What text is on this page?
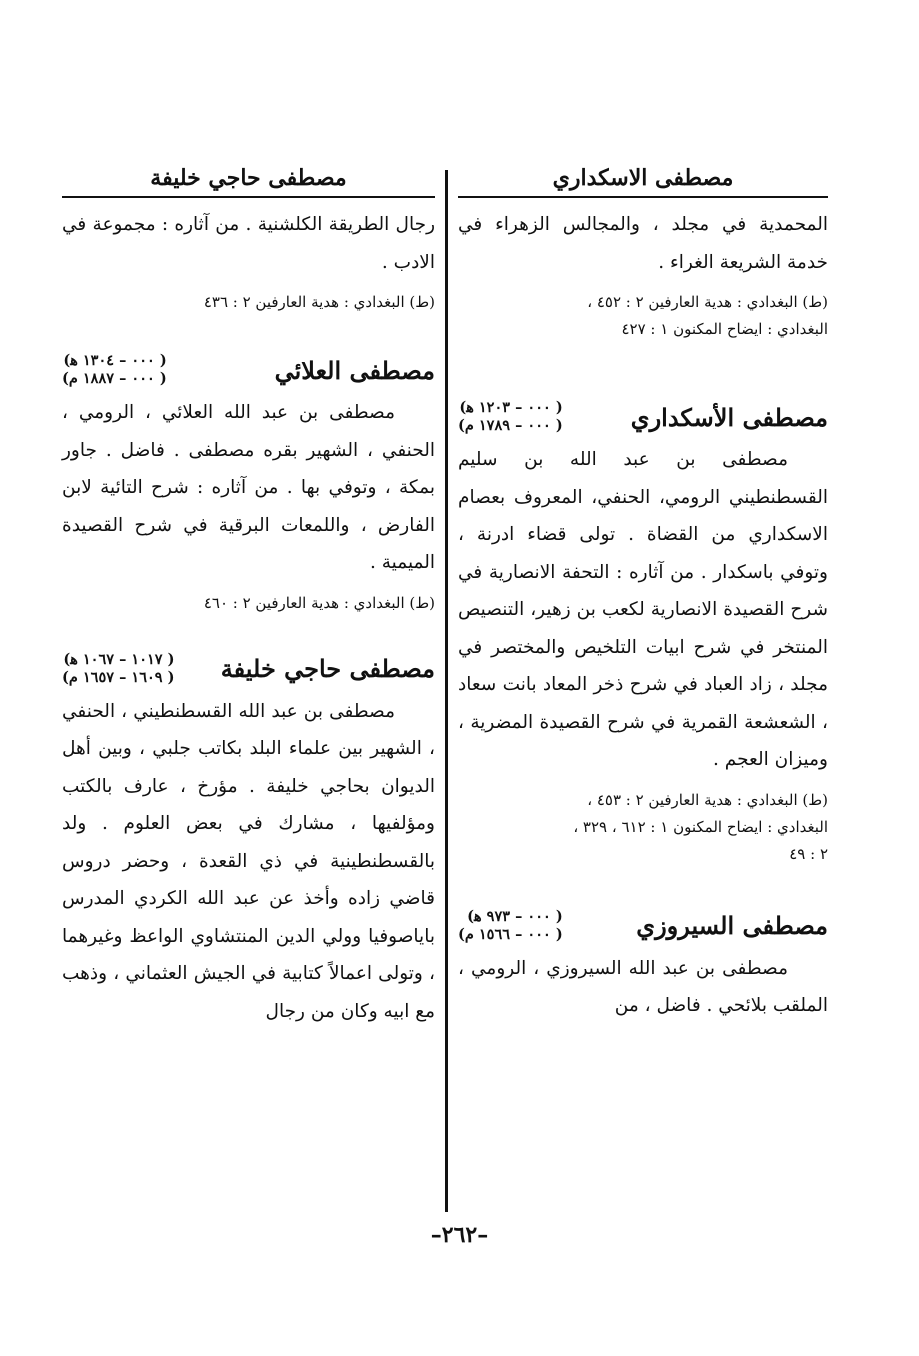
مصطفى الاسكداري

المحمدية في مجلد ، والمجالس الزهراء في خدمة الشريعة الغراء .

(ط) البغدادي : هدية العارفين ٢ : ٤٥٢ ،
البغدادي : ايضاح المكنون ١ : ٤٢٧

مصطفى الأسكداري
( ٠٠٠ – ١٢٠٣ ﻫ)
( ٠٠٠ – ١٧٨٩ م)

مصطفى بن عبد الله بن سليم القسطنطيني الرومي، الحنفي، المعروف بعصام الاسكداري من القضاة . تولى قضاء ادرنة ، وتوفي باسكدار . من آثاره : التحفة الانصارية في شرح القصيدة الانصارية لكعب بن زهير، التنصيص المنتخر في شرح ابيات التلخيص والمختصر في مجلد ، زاد العباد في شرح ذخر المعاد بانت سعاد ، الشعشعة القمرية في شرح القصيدة المضرية ، وميزان العجم .

(ط) البغدادي : هدية العارفين ٢ : ٤٥٣ ،
البغدادي : ايضاح المكنون ١ : ٦١٢ ، ٣٢٩ ،
٢ : ٤٩

مصطفى السيروزي
( ٠٠٠ – ٩٧٣ ﻫ)
( ٠٠٠ – ١٥٦٦ م)

مصطفى بن عبد الله السيروزي ، الرومي ، الملقب بلائحي . فاضل ، من

مصطفى حاجي خليفة

رجال الطريقة الكلشنية . من آثاره : مجموعة في الادب .

(ط) البغدادي : هدية العارفين ٢ : ٤٣٦

مصطفى العلائي
( ٠٠٠ – ١٣٠٤ ﻫ)
( ٠٠٠ – ١٨٨٧ م)

مصطفى بن عبد الله العلائي ، الرومي ، الحنفي ، الشهير بقره مصطفى . فاضل . جاور بمكة ، وتوفي بها . من آثاره : شرح التائية لابن الفارض ، واللمعات البرقية في شرح القصيدة الميمية .

(ط) البغدادي : هدية العارفين ٢ : ٤٦٠

مصطفى حاجي خليفة
( ١٠١٧ – ١٠٦٧ ﻫ)
( ١٦٠٩ – ١٦٥٧ م)

مصطفى بن عبد الله القسطنطيني ، الحنفي ، الشهير بين علماء البلد بكاتب جلبي ، وبين أهل الديوان بحاجي خليفة . مؤرخ ، عارف بالكتب ومؤلفيها ، مشارك في بعض العلوم . ولد بالقسطنطينية في ذي القعدة ، وحضر دروس قاضي زاده وأخذ عن عبد الله الكردي المدرس باياصوفيا وولي الدين المنتشاوي الواعظ وغيرهما ، وتولى اعمالاً كتابية في الجيش العثماني ، وذهب مع ابيه وكان من رجال

–٢٦٢–
